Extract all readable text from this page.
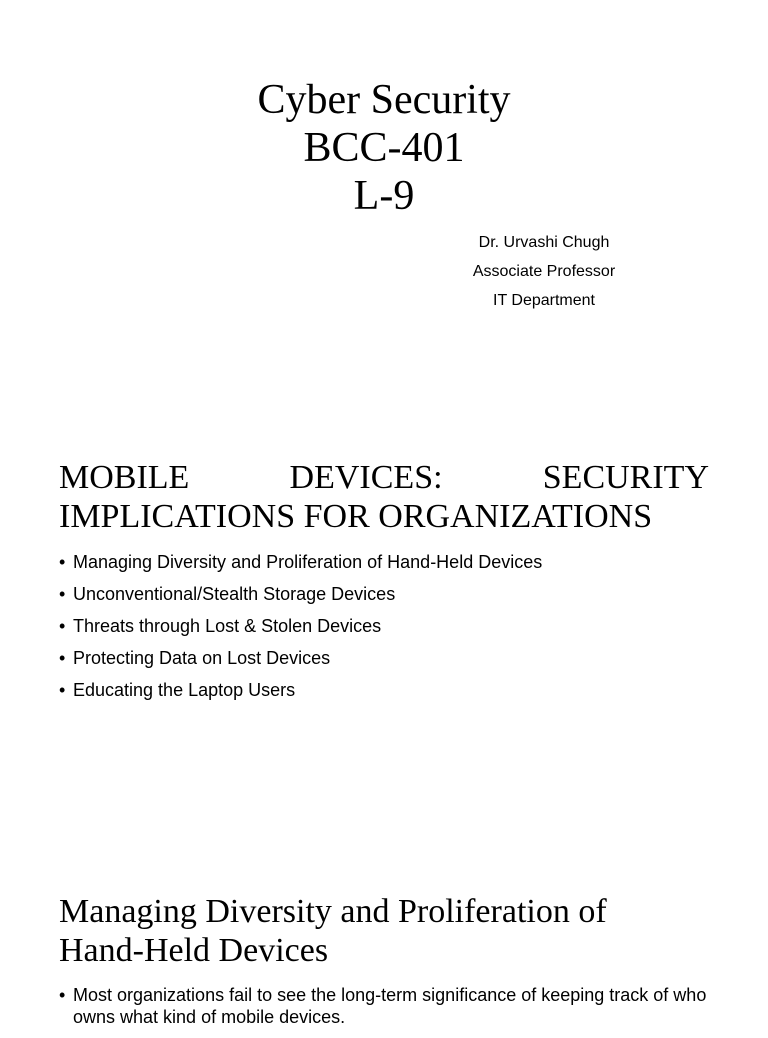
Cyber Security
BCC-401
L-9
Dr. Urvashi Chugh
Associate Professor
IT Department
MOBILE	DEVICES:	SECURITY
IMPLICATIONS FOR ORGANIZATIONS
• Managing Diversity and Proliferation of Hand-Held Devices
• Unconventional/Stealth Storage Devices
• Threats through Lost & Stolen Devices
• Protecting Data on Lost Devices
• Educating the Laptop Users
Managing Diversity and Proliferation of
Hand-Held Devices
• Most organizations fail to see the long-term significance of keeping track of who owns what kind of mobile devices.
